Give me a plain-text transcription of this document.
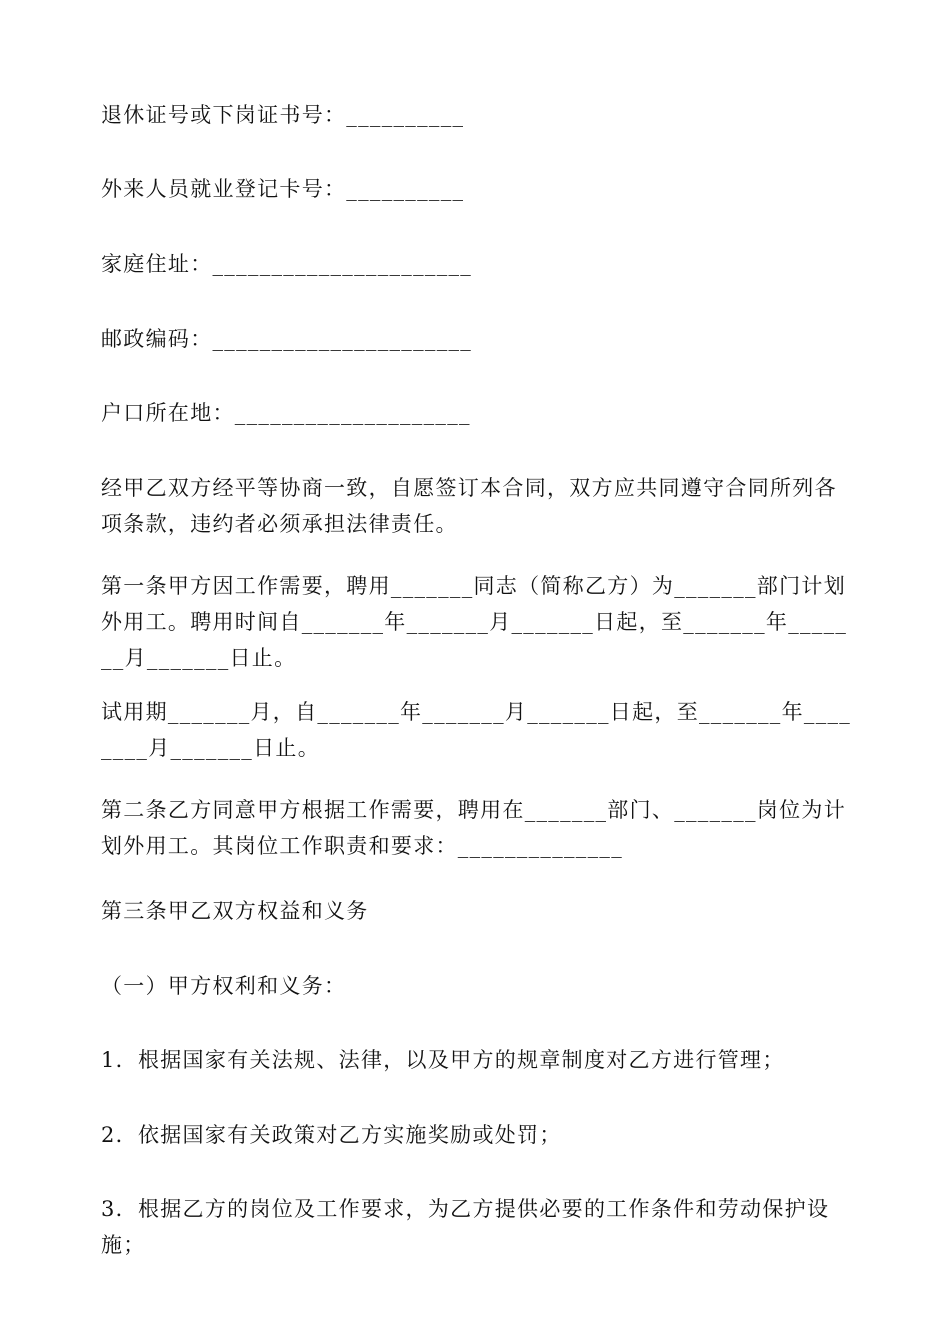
退休证号或下岗证书号：__________

外来人员就业登记卡号：__________

家庭住址：______________________

邮政编码：______________________

户口所在地：____________________

经甲乙双方经平等协商一致，自愿签订本合同，双方应共同遵守合同所列各项条款，违约者必须承担法律责任。

第一条甲方因工作需要，聘用_______同志（简称乙方）为_______部门计划外用工。聘用时间自_______年_______月_______日起，至_______年_______月_______日止。

试用期_______月，自_______年_______月_______日起，至_______年________月_______日止。

第二条乙方同意甲方根据工作需要，聘用在_______部门、_______岗位为计划外用工。其岗位工作职责和要求：______________

第三条甲乙双方权益和义务

（一）甲方权利和义务：

1．根据国家有关法规、法律，以及甲方的规章制度对乙方进行管理；

2．依据国家有关政策对乙方实施奖励或处罚；

3．根据乙方的岗位及工作要求，为乙方提供必要的工作条件和劳动保护设施；
